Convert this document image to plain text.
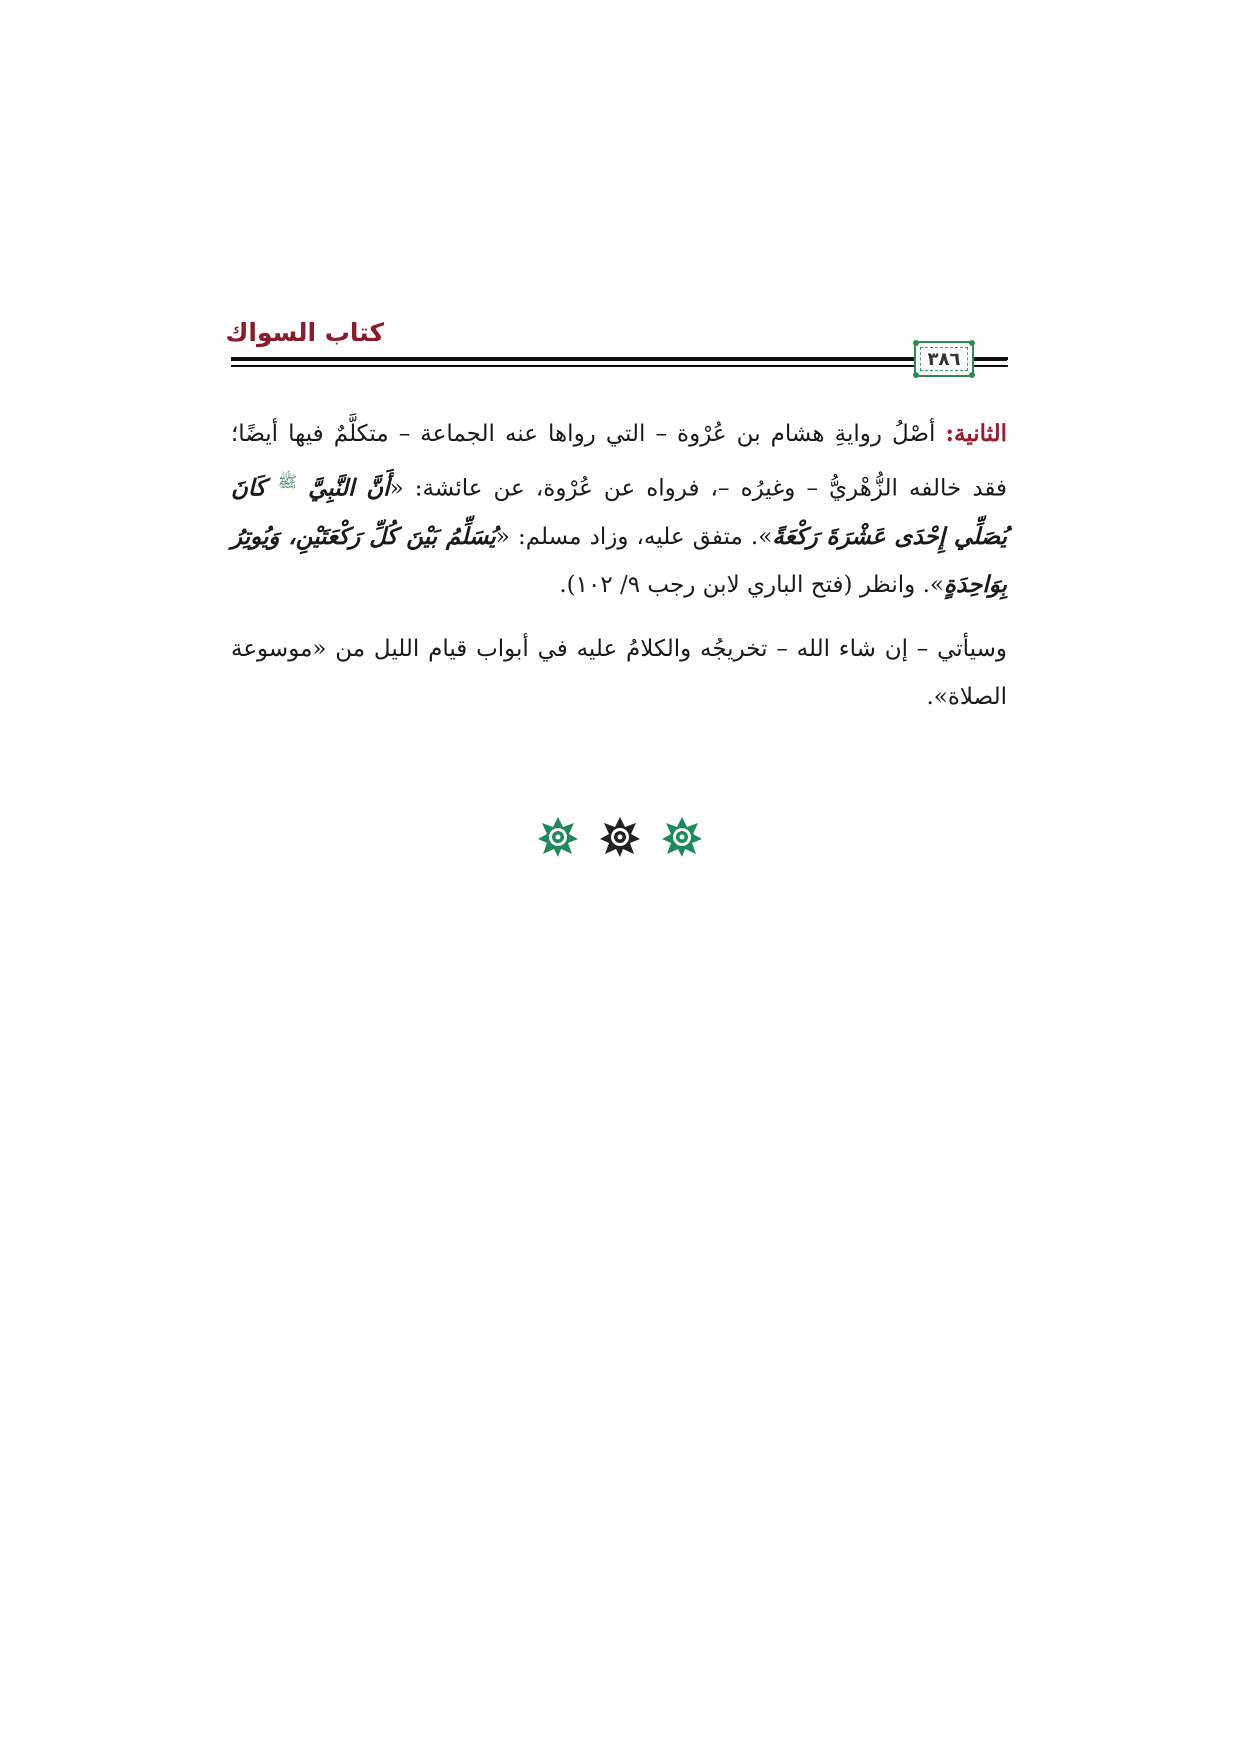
كتاب السواك
٣٨٦

الثانية: أصْلُ روايةِ هشام بن عُرْوة – التي رواها عنه الجماعة – متكلَّمٌ فيها أيضًا؛ فقد خالفه الزُّهْريُّ – وغيرُه –، فرواه عن عُرْوة، عن عائشة: «أَنَّ النَّبِيَّ $^ﷺ$ كَانَ يُصَلِّي إِحْدَى عَشْرَةَ رَكْعَةً». متفق عليه، وزاد مسلم: «يُسَلِّمُ بَيْنَ كُلِّ رَكْعَتَيْنِ، وَيُوتِرُ بِوَاحِدَةٍ». وانظر (فتح الباري لابن رجب ٩/ ١٠٢).

وسيأتي – إن شاء الله – تخريجُه والكلامُ عليه في أبواب قيام الليل من «موسوعة الصلاة».
